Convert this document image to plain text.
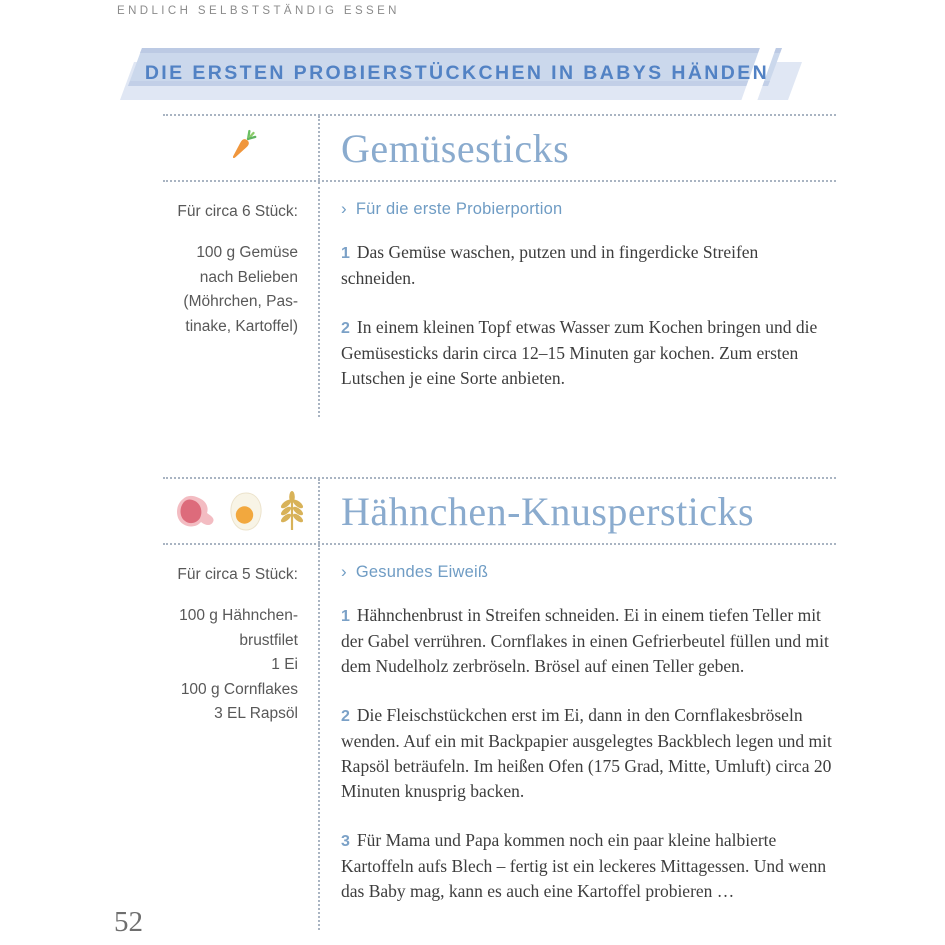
ENDLICH SELBSTSTÄNDIG ESSEN
DIE ERSTEN PROBIERSTÜCKCHEN IN BABYS HÄNDEN
Gemüsesticks
Für circa 6 Stück:
100 g Gemüse
nach Belieben
(Möhrchen, Pas-
tinake, Kartoffel)
› Für die erste Probierportion

1 Das Gemüse waschen, putzen und in fingerdicke Streifen schneiden.

2 In einem kleinen Topf etwas Wasser zum Kochen bringen und die Gemüsesticks darin circa 12–15 Minuten gar kochen. Zum ersten Lutschen je eine Sorte anbieten.

Hähnchen-Knuspersticks
Für circa 5 Stück:
100 g Hähnchen-
brustfilet
1 Ei
100 g Cornflakes
3 EL Rapsöl
› Gesundes Eiweiß

1 Hähnchenbrust in Streifen schneiden. Ei in einem tiefen Teller mit der Gabel verrühren. Cornflakes in einen Gefrierbeutel füllen und mit dem Nudelholz zerbröseln. Brösel auf einen Teller geben.

2 Die Fleischstückchen erst im Ei, dann in den Cornflakesbröseln wenden. Auf ein mit Backpapier ausgelegtes Backblech legen und mit Rapsöl beträufeln. Im heißen Ofen (175 Grad, Mitte, Umluft) circa 20 Minuten knusprig backen.

3 Für Mama und Papa kommen noch ein paar kleine halbierte Kartoffeln aufs Blech – fertig ist ein leckeres Mittagessen. Und wenn das Baby mag, kann es auch eine Kartoffel probieren …

52
